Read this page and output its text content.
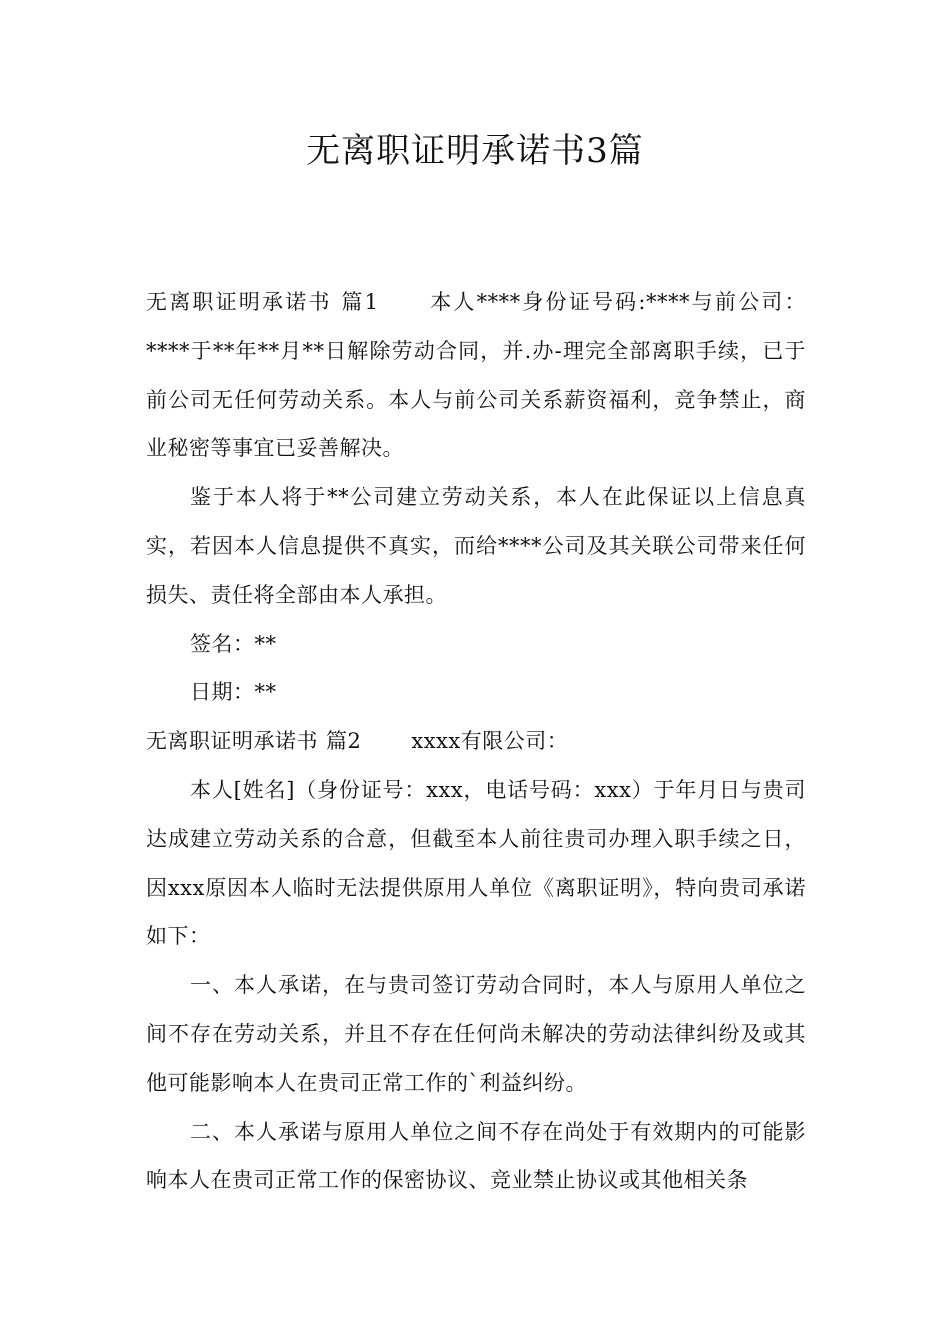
无离职证明承诺书3篇

无离职证明承诺书 篇1 本人****身份证号码:****与前公司：****于**年**月**日解除劳动合同，并.办-理完全部离职手续，已于前公司无任何劳动关系。本人与前公司关系薪资福利，竞争禁止，商业秘密等事宜已妥善解决。

鉴于本人将于**公司建立劳动关系，本人在此保证以上信息真实，若因本人信息提供不真实，而给****公司及其关联公司带来任何损失、责任将全部由本人承担。

签名：**

日期：**

无离职证明承诺书 篇2 xxxx有限公司：

本人[姓名]（身份证号：xxx，电话号码：xxx）于年月日与贵司达成建立劳动关系的合意，但截至本人前往贵司办理入职手续之日，因xxx原因本人临时无法提供原用人单位《离职证明》，特向贵司承诺如下：

一、本人承诺，在与贵司签订劳动合同时，本人与原用人单位之间不存在劳动关系，并且不存在任何尚未解决的劳动法律纠纷及或其他可能影响本人在贵司正常工作的`利益纠纷。

二、本人承诺与原用人单位之间不存在尚处于有效期内的可能影响本人在贵司正常工作的保密协议、竞业禁止协议或其他相关条
